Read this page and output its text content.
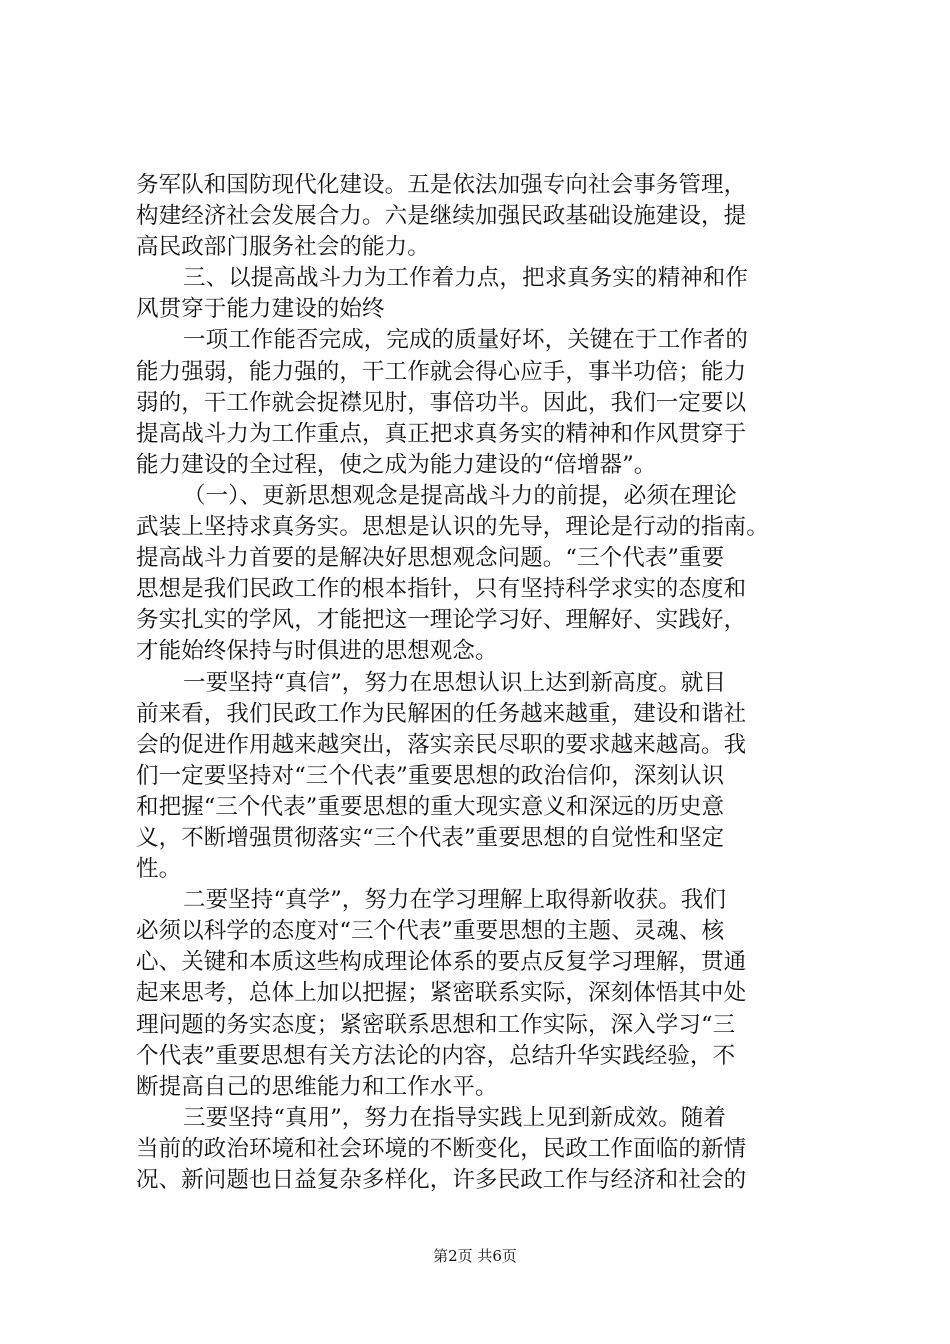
务军队和国防现代化建设。五是依法加强专向社会事务管理，
构建经济社会发展合力。六是继续加强民政基础设施建设，提
高民政部门服务社会的能力。
三、以提高战斗力为工作着力点，把求真务实的精神和作
风贯穿于能力建设的始终
一项工作能否完成，完成的质量好坏，关键在于工作者的
能力强弱，能力强的，干工作就会得心应手，事半功倍；能力
弱的，干工作就会捉襟见肘，事倍功半。因此，我们一定要以
提高战斗力为工作重点，真正把求真务实的精神和作风贯穿于
能力建设的全过程，使之成为能力建设的“倍增器”。
（一）、更新思想观念是提高战斗力的前提，必须在理论
武装上坚持求真务实。思想是认识的先导，理论是行动的指南。
提高战斗力首要的是解决好思想观念问题。“三个代表”重要
思想是我们民政工作的根本指针，只有坚持科学求实的态度和
务实扎实的学风，才能把这一理论学习好、理解好、实践好，
才能始终保持与时俱进的思想观念。
一要坚持“真信”，努力在思想认识上达到新高度。就目
前来看，我们民政工作为民解困的任务越来越重，建设和谐社
会的促进作用越来越突出，落实亲民尽职的要求越来越高。我
们一定要坚持对“三个代表”重要思想的政治信仰，深刻认识
和把握“三个代表”重要思想的重大现实意义和深远的历史意
义，不断增强贯彻落实“三个代表”重要思想的自觉性和坚定
性。
二要坚持“真学”，努力在学习理解上取得新收获。我们
必须以科学的态度对“三个代表”重要思想的主题、灵魂、核
心、关键和本质这些构成理论体系的要点反复学习理解，贯通
起来思考，总体上加以把握；紧密联系实际，深刻体悟其中处
理问题的务实态度；紧密联系思想和工作实际，深入学习“三
个代表”重要思想有关方法论的内容，总结升华实践经验，不
断提高自己的思维能力和工作水平。
三要坚持“真用”，努力在指导实践上见到新成效。随着
当前的政治环境和社会环境的不断变化，民政工作面临的新情
况、新问题也日益复杂多样化，许多民政工作与经济和社会的
第2页 共6页
